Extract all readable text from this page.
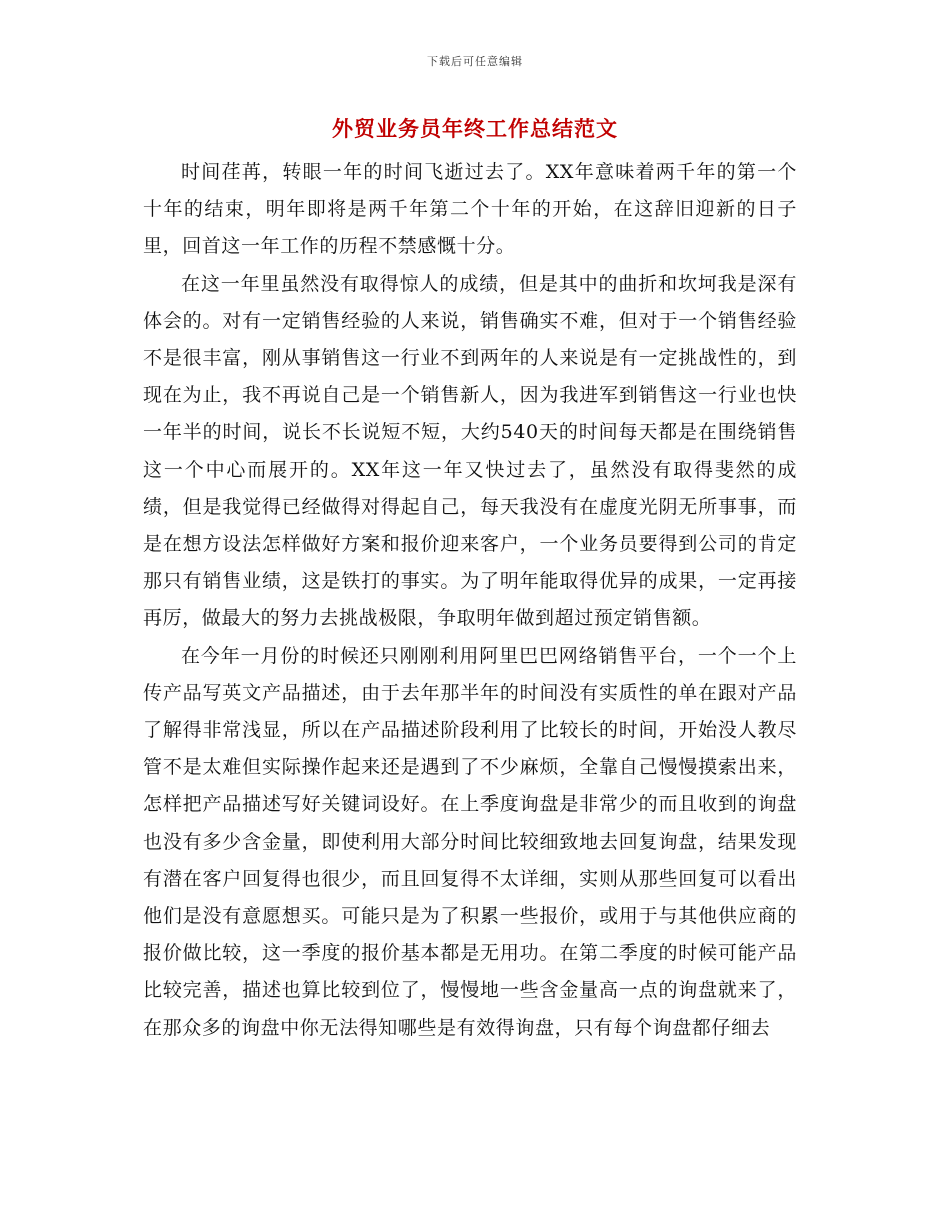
下载后可任意编辑
外贸业务员年终工作总结范文

时间荏苒，转眼一年的时间飞逝过去了。XX年意味着两千年的第一个十年的结束，明年即将是两千年第二个十年的开始，在这辞旧迎新的日子里，回首这一年工作的历程不禁感慨十分。

在这一年里虽然没有取得惊人的成绩，但是其中的曲折和坎坷我是深有体会的。对有一定销售经验的人来说，销售确实不难，但对于一个销售经验不是很丰富，刚从事销售这一行业不到两年的人来说是有一定挑战性的，到现在为止，我不再说自己是一个销售新人，因为我进军到销售这一行业也快一年半的时间，说长不长说短不短，大约540天的时间每天都是在围绕销售这一个中心而展开的。XX年这一年又快过去了，虽然没有取得斐然的成绩，但是我觉得已经做得对得起自己，每天我没有在虚度光阴无所事事，而是在想方设法怎样做好方案和报价迎来客户，一个业务员要得到公司的肯定那只有销售业绩，这是铁打的事实。为了明年能取得优异的成果，一定再接再厉，做最大的努力去挑战极限，争取明年做到超过预定销售额。

在今年一月份的时候还只刚刚利用阿里巴巴网络销售平台，一个一个上传产品写英文产品描述，由于去年那半年的时间没有实质性的单在跟对产品了解得非常浅显，所以在产品描述阶段利用了比较长的时间，开始没人教尽管不是太难但实际操作起来还是遇到了不少麻烦，全靠自己慢慢摸索出来，怎样把产品描述写好关键词设好。在上季度询盘是非常少的而且收到的询盘也没有多少含金量，即使利用大部分时间比较细致地去回复询盘，结果发现有潜在客户回复得也很少，而且回复得不太详细，实则从那些回复可以看出他们是没有意愿想买。可能只是为了积累一些报价，或用于与其他供应商的报价做比较，这一季度的报价基本都是无用功。在第二季度的时候可能产品比较完善，描述也算比较到位了，慢慢地一些含金量高一点的询盘就来了，在那众多的询盘中你无法得知哪些是有效得询盘，只有每个询盘都仔细去
